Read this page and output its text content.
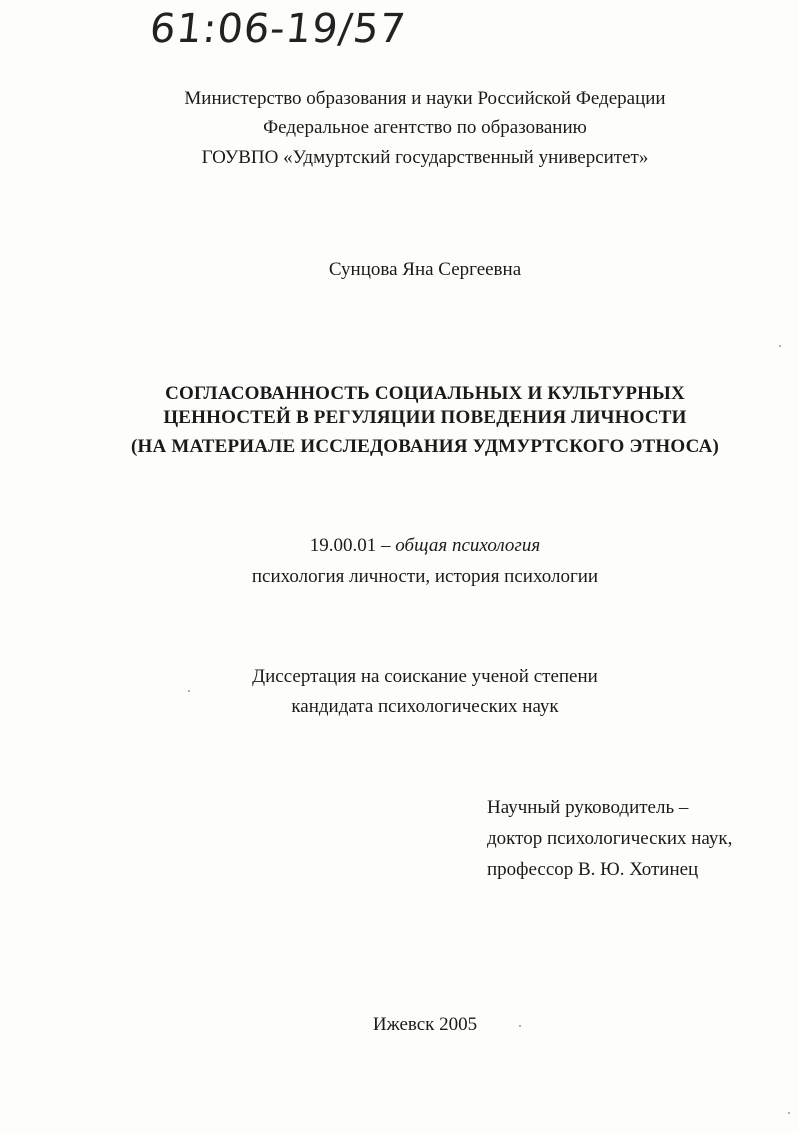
61:06-19/57
Министерство образования и науки Российской Федерации
Федеральное агентство по образованию
ГОУВПО «Удмуртский государственный университет»
Сунцова Яна Сергеевна
СОГЛАСОВАННОСТЬ СОЦИАЛЬНЫХ И КУЛЬТУРНЫХ
ЦЕННОСТЕЙ В РЕГУЛЯЦИИ ПОВЕДЕНИЯ ЛИЧНОСТИ
(НА МАТЕРИАЛЕ ИССЛЕДОВАНИЯ УДМУРТСКОГО ЭТНОСА)
19.00.01 – общая психология
психология личности, история психологии
Диссертация на соискание ученой степени
кандидата психологических наук
Научный руководитель –
доктор психологических наук,
профессор В. Ю. Хотинец
Ижевск 2005
